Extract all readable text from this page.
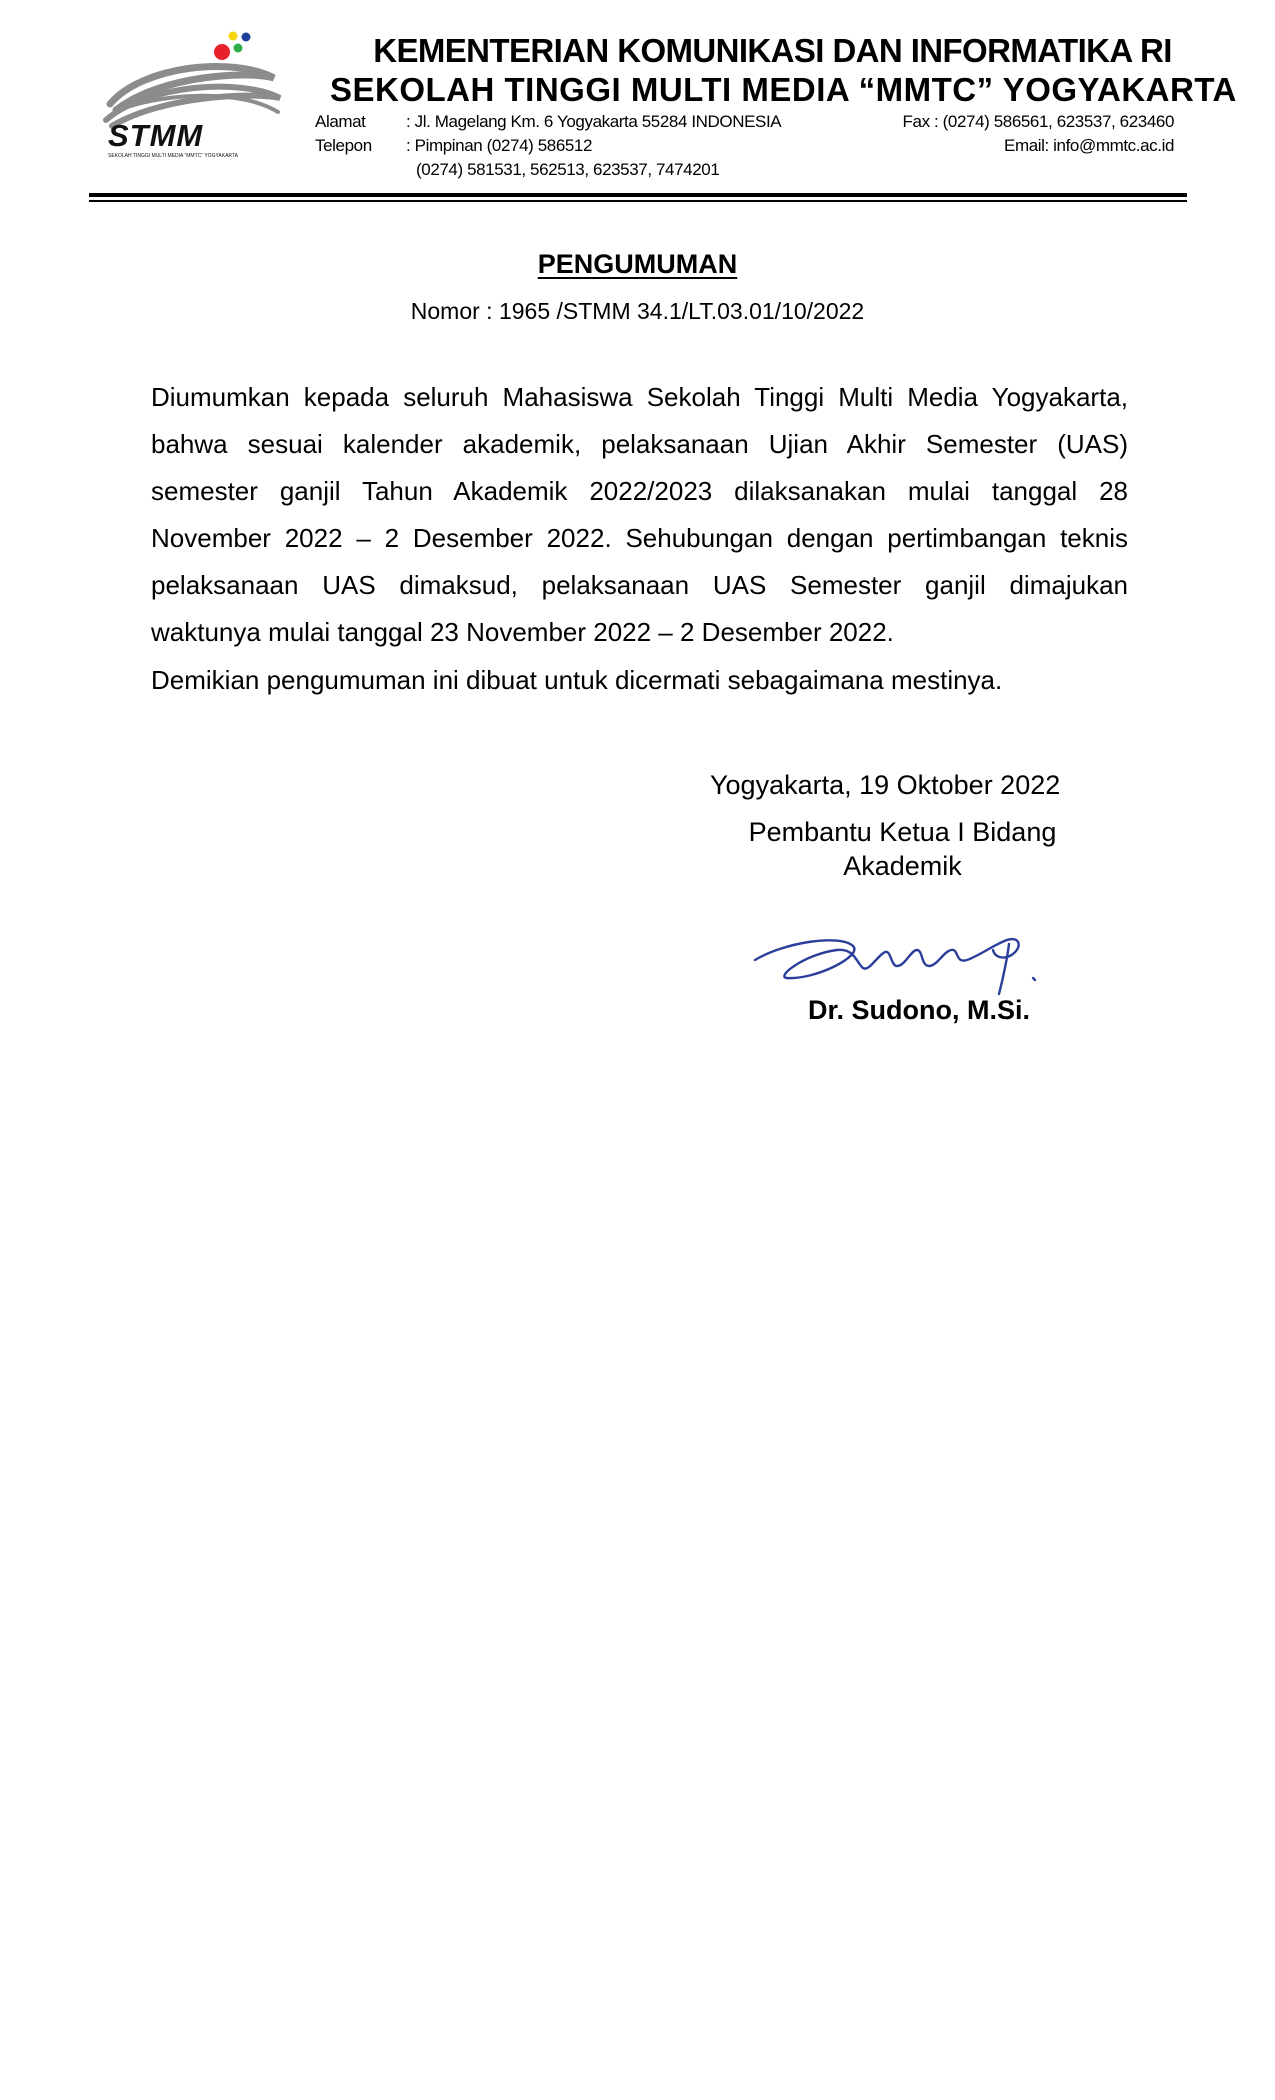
STMM
SEKOLAH TINGGI MULTI MEDIA "MMTC" YOGYAKARTA
KEMENTERIAN KOMUNIKASI DAN INFORMATIKA RI
SEKOLAH TINGGI MULTI MEDIA “MMTC” YOGYAKARTA
Alamat : Jl. Magelang Km. 6 Yogyakarta 55284 INDONESIA
Telepon : Pimpinan (0274) 586512
(0274) 581531, 562513, 623537, 7474201
Fax : (0274) 586561, 623537, 623460
Email: info@mmtc.ac.id
PENGUMUMAN
Nomor : 1965 /STMM 34.1/LT.03.01/10/2022

Diumumkan kepada seluruh Mahasiswa Sekolah Tinggi Multi Media Yogyakarta, bahwa sesuai kalender akademik, pelaksanaan Ujian Akhir Semester (UAS) semester ganjil Tahun Akademik 2022/2023 dilaksanakan mulai tanggal 28 November 2022 – 2 Desember 2022. Sehubungan dengan pertimbangan teknis pelaksanaan UAS dimaksud, pelaksanaan UAS Semester ganjil dimajukan waktunya mulai tanggal 23 November 2022 – 2 Desember 2022.

Demikian pengumuman ini dibuat untuk dicermati sebagaimana mestinya.
Yogyakarta, 19 Oktober 2022
Pembantu Ketua I Bidang
Akademik
Dr. Sudono, M.Si.
